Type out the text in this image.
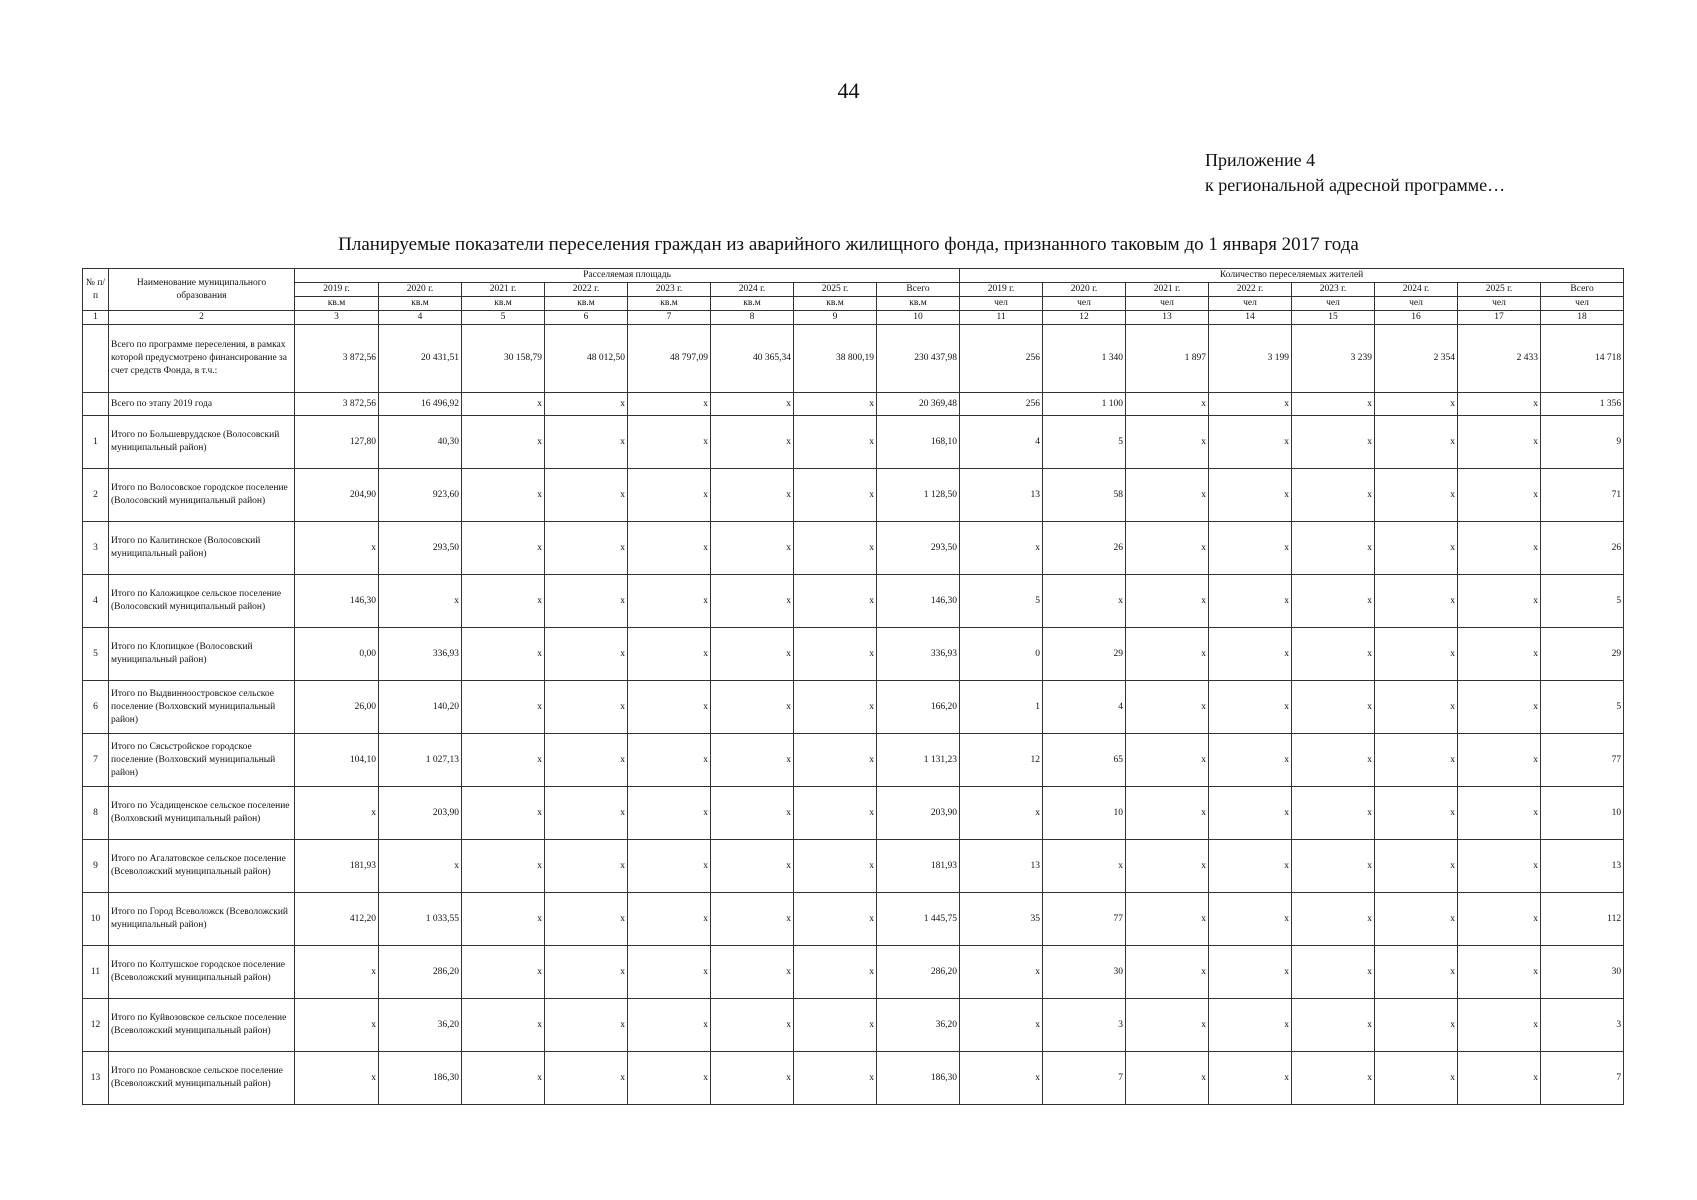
44
Приложение 4
к региональной адресной программе…
Планируемые показатели переселения граждан из аварийного жилищного фонда, признанного таковым до 1 января 2017 года
№ п/п	Наименование муниципального образования	Расселяемая площадь								Количество переселяемых жителей							
		2019 г.	2020 г.	2021 г.	2022 г.	2023 г.	2024 г.	2025 г.	Всего	2019 г.	2020 г.	2021 г.	2022 г.	2023 г.	2024 г.	2025 г.	Всего
		кв.м	кв.м	кв.м	кв.м	кв.м	кв.м	кв.м	кв.м	чел	чел	чел	чел	чел	чел	чел	чел
1	2	3	4	5	6	7	8	9	10	11	12	13	14	15	16	17	18
	Всего по программе переселения, в рамках которой предусмотрено финансирование за счет средств Фонда, в т.ч.:	3 872,56	20 431,51	30 158,79	48 012,50	48 797,09	40 365,34	38 800,19	230 437,98	256	1 340	1 897	3 199	3 239	2 354	2 433	14 718
	Всего по этапу 2019 года	3 872,56	16 496,92	x	x	x	x	x	20 369,48	256	1 100	x	x	x	x	x	1 356
1	Итого по Большевруддское (Волосовский муниципальный район)	127,80	40,30	x	x	x	x	x	168,10	4	5	x	x	x	x	x	9
2	Итого по Волосовское городское поселение (Волосовский муниципальный район)	204,90	923,60	x	x	x	x	x	1 128,50	13	58	x	x	x	x	x	71
3	Итого по Калитинское (Волосовский муниципальный район)	x	293,50	x	x	x	x	x	293,50	x	26	x	x	x	x	x	26
4	Итого по Каложицкое сельское поселение (Волосовский муниципальный район)	146,30	x	x	x	x	x	x	146,30	5	x	x	x	x	x	x	5
5	Итого по Клопицкое (Волосовский муниципальный район)	0,00	336,93	x	x	x	x	x	336,93	0	29	x	x	x	x	x	29
6	Итого по Выдвинноостровское сельское поселение (Волховский муниципальный район)	26,00	140,20	x	x	x	x	x	166,20	1	4	x	x	x	x	x	5
7	Итого по Сясьстройское городское поселение (Волховский муниципальный район)	104,10	1 027,13	x	x	x	x	x	1 131,23	12	65	x	x	x	x	x	77
8	Итого по Усадищенское сельское поселение (Волховский муниципальный район)	x	203,90	x	x	x	x	x	203,90	x	10	x	x	x	x	x	10
9	Итого по Агалатовское сельское поселение (Всеволожский муниципальный район)	181,93	x	x	x	x	x	x	181,93	13	x	x	x	x	x	x	13
10	Итого по Город Всеволожск (Всеволожский муниципальный район)	412,20	1 033,55	x	x	x	x	x	1 445,75	35	77	x	x	x	x	x	112
11	Итого по Колтушское городское поселение (Всеволожский муниципальный район)	x	286,20	x	x	x	x	x	286,20	x	30	x	x	x	x	x	30
12	Итого по Куйвозовское сельское поселение (Всеволожский муниципальный район)	x	36,20	x	x	x	x	x	36,20	x	3	x	x	x	x	x	3
13	Итого по Романовское сельское поселение (Всеволожский муниципальный район)	x	186,30	x	x	x	x	x	186,30	x	7	x	x	x	x	x	7
